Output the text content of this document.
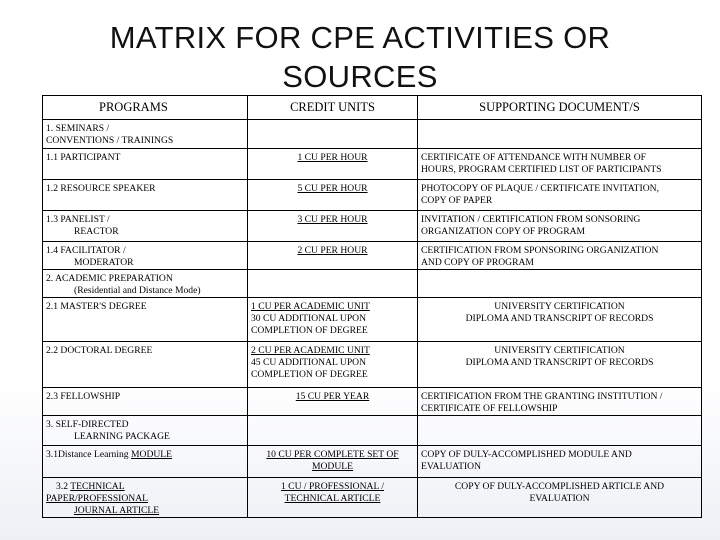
MATRIX FOR CPE ACTIVITIES OR
SOURCES
PROGRAMS	CREDIT UNITS	SUPPORTING DOCUMENT/S

1. SEMINARS /
CONVENTIONS / TRAININGS		

1.1 PARTICIPANT	1 CU PER HOUR	CERTIFICATE OF ATTENDANCE WITH NUMBER OF
HOURS, PROGRAM CERTIFIED LIST OF PARTICIPANTS

1.2 RESOURCE SPEAKER	5 CU PER HOUR	PHOTOCOPY OF PLAQUE / CERTIFICATE INVITATION,
COPY OF PAPER

1.3 PANELIST /
REACTOR	3 CU PER HOUR	INVITATION / CERTIFICATION FROM SONSORING
ORGANIZATION COPY OF PROGRAM

1.4 FACILITATOR /
MODERATOR	2 CU PER HOUR	CERTIFICATION FROM SPONSORING ORGANIZATION
AND COPY OF PROGRAM

2. ACADEMIC PREPARATION
(Residential and Distance Mode)		

2.1 MASTER'S DEGREE	1 CU PER ACADEMIC UNIT
30 CU ADDITIONAL UPON
COMPLETION OF DEGREE	UNIVERSITY CERTIFICATION
DIPLOMA AND TRANSCRIPT OF RECORDS

2.2 DOCTORAL DEGREE	2 CU PER ACADEMIC UNIT
45 CU ADDITIONAL UPON
COMPLETION OF DEGREE	UNIVERSITY CERTIFICATION
DIPLOMA AND TRANSCRIPT OF RECORDS

2.3 FELLOWSHIP	15 CU PER YEAR	CERTIFICATION FROM THE GRANTING INSTITUTION /
CERTIFICATE OF FELLOWSHIP

3. SELF-DIRECTED
LEARNING PACKAGE		

3.1Distance Learning MODULE	10 CU PER COMPLETE SET OF
MODULE	COPY OF DULY-ACCOMPLISHED MODULE AND
EVALUATION

3.2 TECHNICAL
PAPER/PROFESSIONAL
JOURNAL ARTICLE	1 CU / PROFESSIONAL /
TECHNICAL ARTICLE	COPY OF DULY-ACCOMPLISHED ARTICLE AND
EVALUATION
